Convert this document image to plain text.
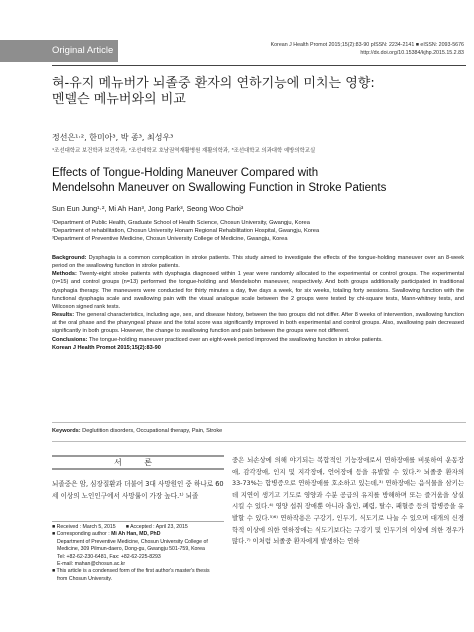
Original Article	Korean J Health Promot 2015;15(2):83-90 pISSN: 2234-2141 ■ eISSN: 2093-5676
http://dx.doi.org/10.15384/kjhp.2015.15.2.83
혀-유지 메뉴버가 뇌졸중 환자의 연하기능에 미치는 영향:
멘델슨 메뉴버와의 비교
정선은¹·², 한미아³, 박 종³, 최성우³
¹조선대학교 보건학과 보건학과, ²조선대학교 호남권역재활병원 재활의학과, ³조선대학교 의과대학 예방의학교실
Effects of Tongue-Holding Maneuver Compared with
Mendelsohn Maneuver on Swallowing Function in Stroke Patients
Sun Eun Jung¹·², Mi Ah Han³, Jong Park³, Seong Woo Choi³
¹Department of Public Health, Graduate School of Health Science, Chosun University, Gwangju, Korea
²Department of rehabilitation, Chosun University Honam Regional Rehabilitation Hospital, Gwangju, Korea
³Department of Preventive Medicine, Chosun University College of Medicine, Gwangju, Korea

Background: Dysphagia is a common complication in stroke patients. This study aimed to investigate the effects of the tongue-holding maneuver over an 8-week period on the swallowing function in stroke patients.

Methods: Twenty-eight stroke patients with dysphagia diagnosed within 1 year were randomly allocated to the experimental or control groups. The experimental (n=15) and control groups (n=13) performed the tongue-holding and Mendelsohn maneuver, respectively. And both groups additionally participated in traditional dysphagia therapy. The maneuvers were conducted for thirty minutes a day, five days a week, for six weeks, totaling forty sessions. Swallowing function with the functional dysphagia scale and swallowing pain with the visual analogue scale between the 2 groups were tested by chi-square tests, Mann-whitney tests, and Wilcoxon signed rank tests.

Results: The general characteristics, including age, sex, and disease history, between the two groups did not differ. After 8 weeks of intervention, swallowing function at the oral phase and the pharyngeal phase and the total score was significantly improved in both experimental and control groups. Also, swallowing pain decreased significantly in both groups. However, the change to swallowing function and pain between the groups were not different.

Conclusions: The tongue-holding maneuver practiced over an eight-week period improved the swallowing function in stroke patients.

Korean J Health Promot 2015;15(2):83-90

Keywords: Deglutition disorders, Occupational therapy, Pain, Stroke
서 론
뇌졸중은 암, 심장질환과 더불어 3대 사망원인 중 하나로 60세 이상의 노인인구에서 사망률이 가장 높다.¹⁾ 뇌졸
■ Received : March 5, 2015 ■ Accepted : April 23, 2015
■ Corresponding author : Mi Ah Han, MD, PhD
Department of Preventive Medicine, Chosun University College of
Medicine, 309 Pilmun-daero, Dong-gu, Gwangju 501-759, Korea
Tel: +82-62-230-6481, Fax: +82-62-225-8293
E-mail: mahan@chosun.ac.kr
■ This article is a condensed form of the first author's master's thesis
from Chosun University.
중은 뇌손상에 의해 야기되는 복합적인 기능장애로서 연하장애를 비롯하여 운동장애, 감각장애, 인지 및 지각장애, 언어장애 등을 유발할 수 있다.²⁾ 뇌졸중 환자의 33-73%는 합병증으로 연하장애를 호소하고 있는데,³⁾ 연하장애는 음식물을 삼키는 데 지연이 생기고 기도로 영양과 수분 공급의 유지를 방해하며 또는 즐거움을 상실시킬 수 있다.⁴⁾ 영양 섭취 장애뿐 아니라 흡인, 폐렴, 탈수, 패혈증 등의 합병증을 유발할 수 있다.⁵⁾⁶⁾ 연하작용은 구강기, 인두기, 식도기로 나눌 수 있으며 대개의 신경학적 이상에 의한 연하장애는 식도기보다는 구강기 및 인두기의 이상에 의한 경우가 많다.⁷⁾ 이처럼 뇌졸중 환자에게 발생하는 연하
